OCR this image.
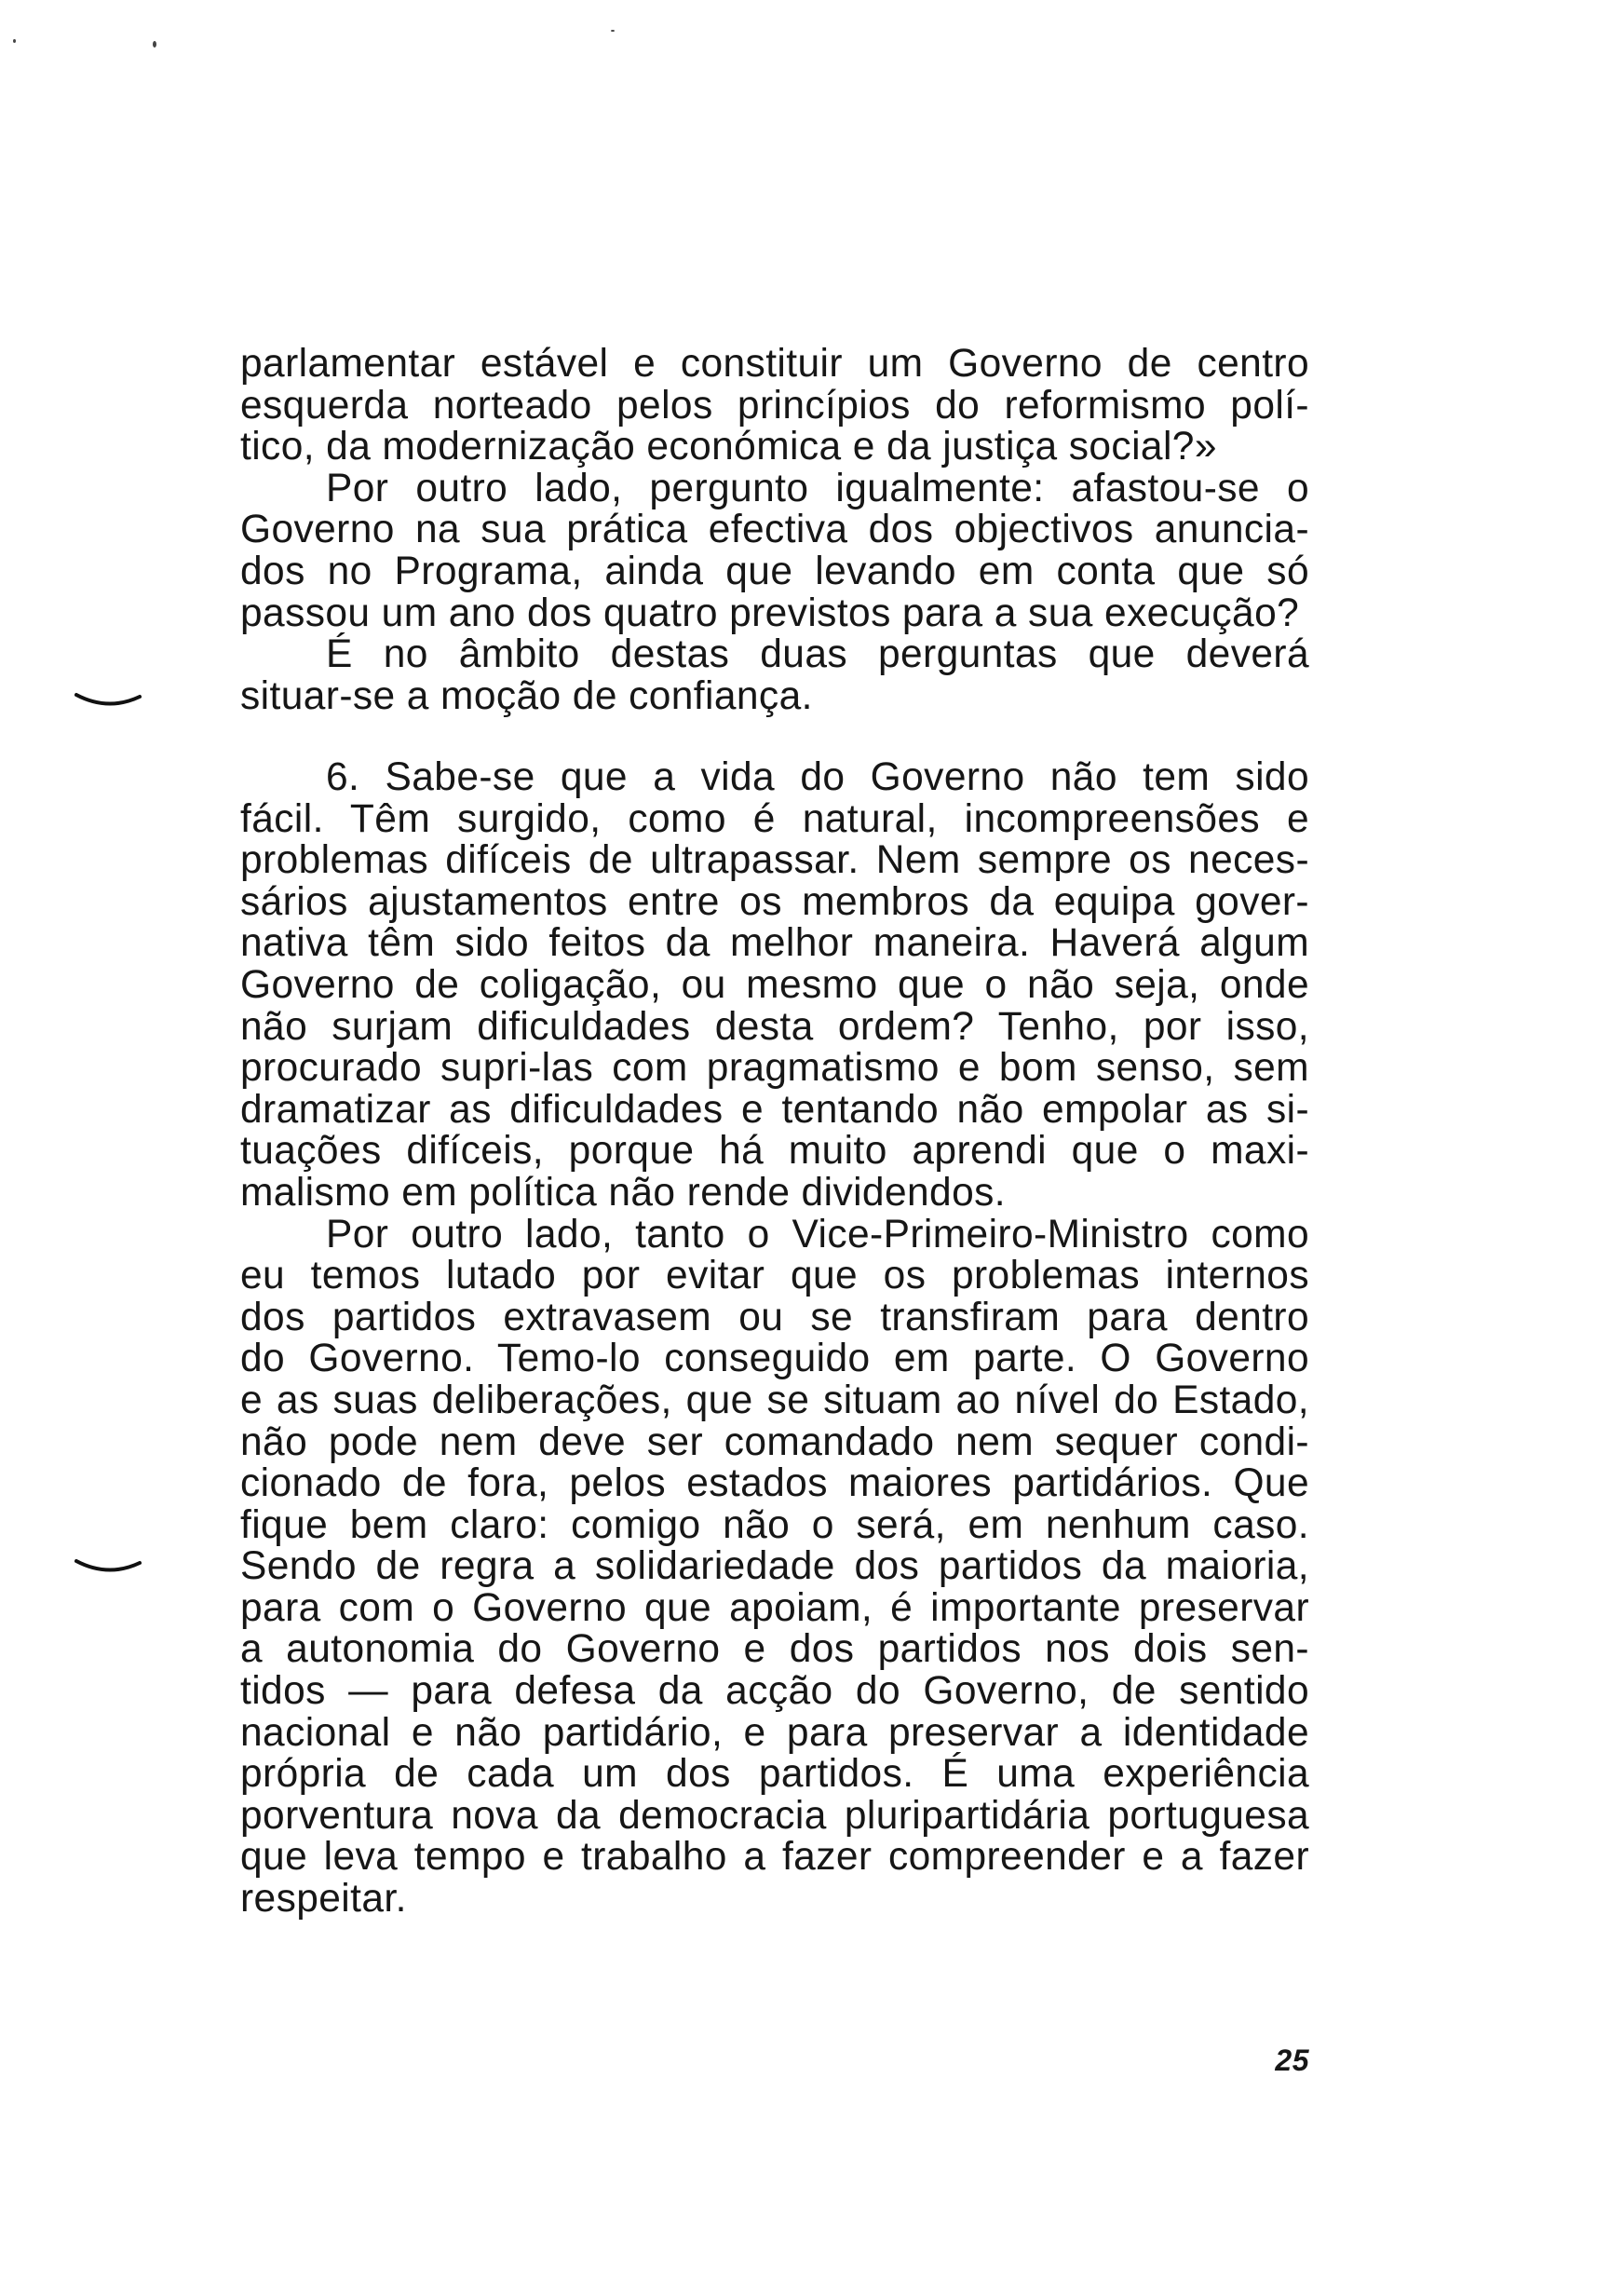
parlamentar estável e constituir um Governo de centro
esquerda norteado pelos princípios do reformismo polí-
tico, da modernização económica e da justiça social?»
Por outro lado, pergunto igualmente: afastou-se o
Governo na sua prática efectiva dos objectivos anuncia-
dos no Programa, ainda que levando em conta que só
passou um ano dos quatro previstos para a sua execução?
É no âmbito destas duas perguntas que deverá
situar-se a moção de confiança.
6. Sabe-se que a vida do Governo não tem sido
fácil. Têm surgido, como é natural, incompreensões e
problemas difíceis de ultrapassar. Nem sempre os neces-
sários ajustamentos entre os membros da equipa gover-
nativa têm sido feitos da melhor maneira. Haverá algum
Governo de coligação, ou mesmo que o não seja, onde
não surjam dificuldades desta ordem? Tenho, por isso,
procurado supri-las com pragmatismo e bom senso, sem
dramatizar as dificuldades e tentando não empolar as si-
tuações difíceis, porque há muito aprendi que o maxi-
malismo em política não rende dividendos.
Por outro lado, tanto o Vice-Primeiro-Ministro como
eu temos lutado por evitar que os problemas internos
dos partidos extravasem ou se transfiram para dentro
do Governo. Temo-lo conseguido em parte. O Governo
e as suas deliberações, que se situam ao nível do Estado,
não pode nem deve ser comandado nem sequer condi-
cionado de fora, pelos estados maiores partidários. Que
fique bem claro: comigo não o será, em nenhum caso.
Sendo de regra a solidariedade dos partidos da maioria,
para com o Governo que apoiam, é importante preservar
a autonomia do Governo e dos partidos nos dois sen-
tidos — para defesa da acção do Governo, de sentido
nacional e não partidário, e para preservar a identidade
própria de cada um dos partidos. É uma experiência
porventura nova da democracia pluripartidária portuguesa
que leva tempo e trabalho a fazer compreender e a fazer
respeitar.
25
